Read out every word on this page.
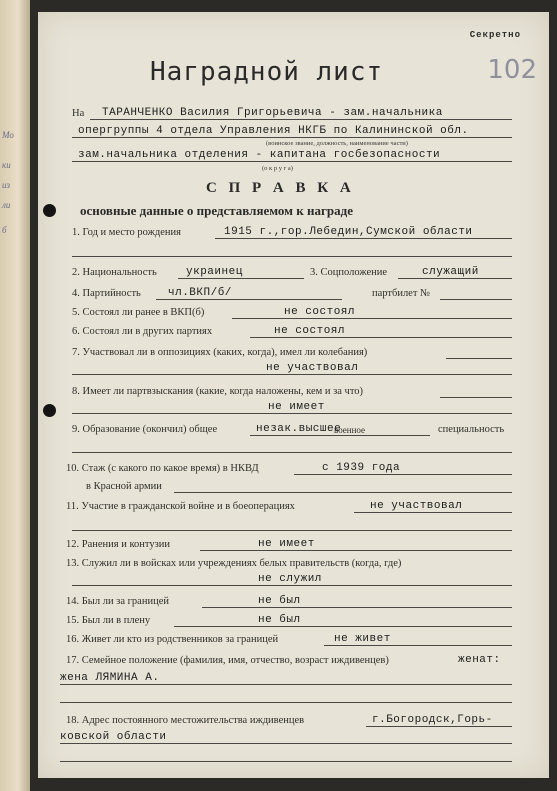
Мо
ки
из
ли
б
Секретно
102
Наградной лист
На ТАРАНЧЕНКО Василия Григорьевича - зам.начальника
опергруппы 4 отдела Управления НКГБ по Калининской обл.
(воинское звание, должность, наименование части)
зам.начальника отделения - капитана госбезопасности
(о к р у г а)
С П Р А В К А
основные данные о представляемом к награде
1. Год и место рождения	1915 г.,гор.Лебедин,Сумской области
2. Национальность	украинец	3. Соцположение	служащий
4. Партийность чл.ВКП/б/	партбилет №
5. Состоял ли ранее в ВКП(б)	не состоял
6. Состоял ли в других партиях	не состоял
7. Участвовал ли в оппозициях (каких, когда), имел ли колебания)
не участвовал
8. Имеет ли партвзыскания (какие, когда наложены, кем и за что)
не имеет
9. Образование (окончил) общее	незак.высшее
военное	специальность
10. Стаж (с какого по какое время) в НКВД	с 1939 года
в Красной армии
11. Участие в гражданской войне и в боеоперациях	не участвовал
12. Ранения и контузии	не имеет
13. Служил ли в войсках или учреждениях белых правительств (когда, где)
не служил
14. Был ли за границей	не был
15. Был ли в плену	не был
16. Живет ли кто из родственников за границей	не живет
17. Семейное положение (фамилия, имя, отчество, возраст иждивенцев)	женат:
жена ЛЯМИНА А.
18. Адрес постоянного местожительства иждивенцев	г.Богородск,Горь-
ковской области
